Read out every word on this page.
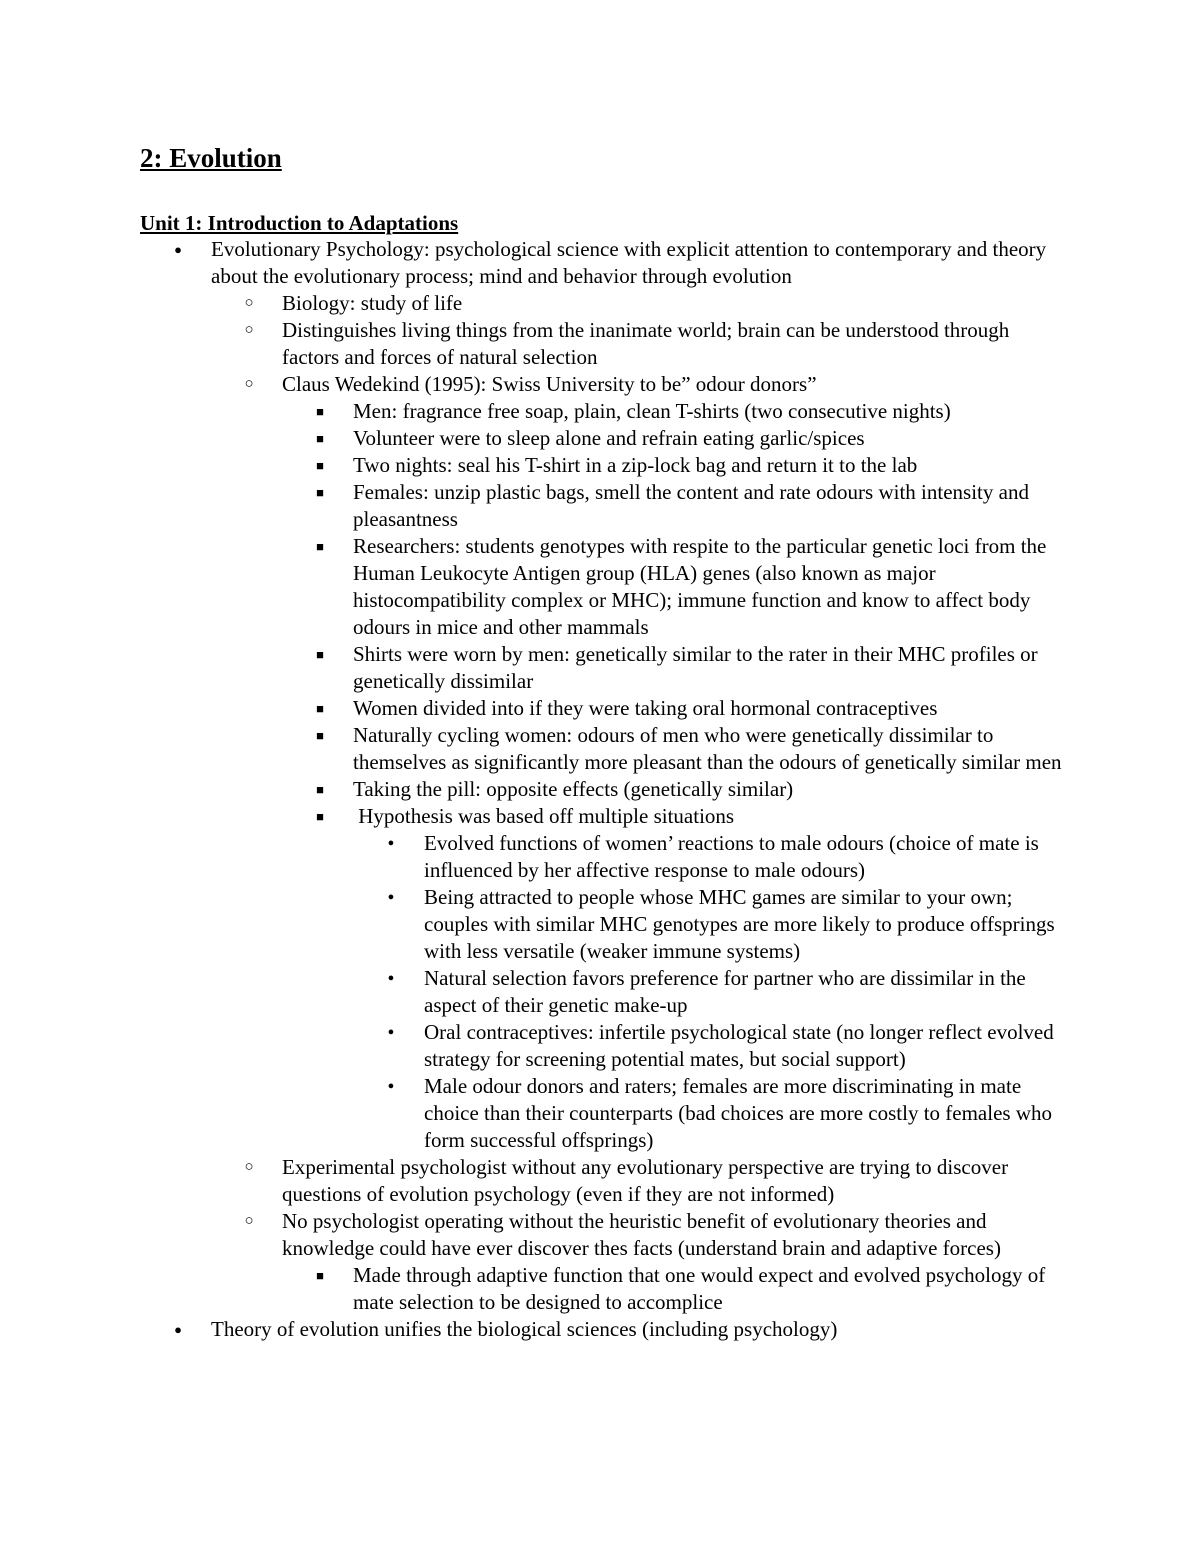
2: Evolution
Unit 1: Introduction to Adaptations
● Evolutionary Psychology: psychological science with explicit attention to contemporary and theory about the evolutionary process; mind and behavior through evolution
○ Biology: study of life
○ Distinguishes living things from the inanimate world; brain can be understood through factors and forces of natural selection
○ Claus Wedekind (1995): Swiss University to be” odour donors”
■ Men: fragrance free soap, plain, clean T-shirts (two consecutive nights)
■ Volunteer were to sleep alone and refrain eating garlic/spices
■ Two nights: seal his T-shirt in a zip-lock bag and return it to the lab
■ Females: unzip plastic bags, smell the content and rate odours with intensity and pleasantness
■ Researchers: students genotypes with respite to the particular genetic loci from the Human Leukocyte Antigen group (HLA) genes (also known as major histocompatibility complex or MHC); immune function and know to affect body odours in mice and other mammals
■ Shirts were worn by men: genetically similar to the rater in their MHC profiles or genetically dissimilar
■ Women divided into if they were taking oral hormonal contraceptives
■ Naturally cycling women: odours of men who were genetically dissimilar to themselves as significantly more pleasant than the odours of genetically similar men
■ Taking the pill: opposite effects (genetically similar)
■ Hypothesis was based off multiple situations
●	Evolved functions of women’ reactions to male odours (choice of mate is influenced by her affective response to male odours)
●	Being attracted to people whose MHC games are similar to your own; couples with similar MHC genotypes are more likely to produce offsprings with less versatile (weaker immune systems)
●	Natural selection favors preference for partner who are dissimilar in the aspect of their genetic make-up
●	Oral contraceptives: infertile psychological state (no longer reflect evolved strategy for screening potential mates, but social support)
●	Male odour donors and raters; females are more discriminating in mate choice than their counterparts (bad choices are more costly to females who form successful offsprings)
○ Experimental psychologist without any evolutionary perspective are trying to discover questions of evolution psychology (even if they are not informed)
○ No psychologist operating without the heuristic benefit of evolutionary theories and knowledge could have ever discover thes facts (understand brain and adaptive forces)
■ Made through adaptive function that one would expect and evolved psychology of mate selection to be designed to accomplice
● Theory of evolution unifies the biological sciences (including psychology)
